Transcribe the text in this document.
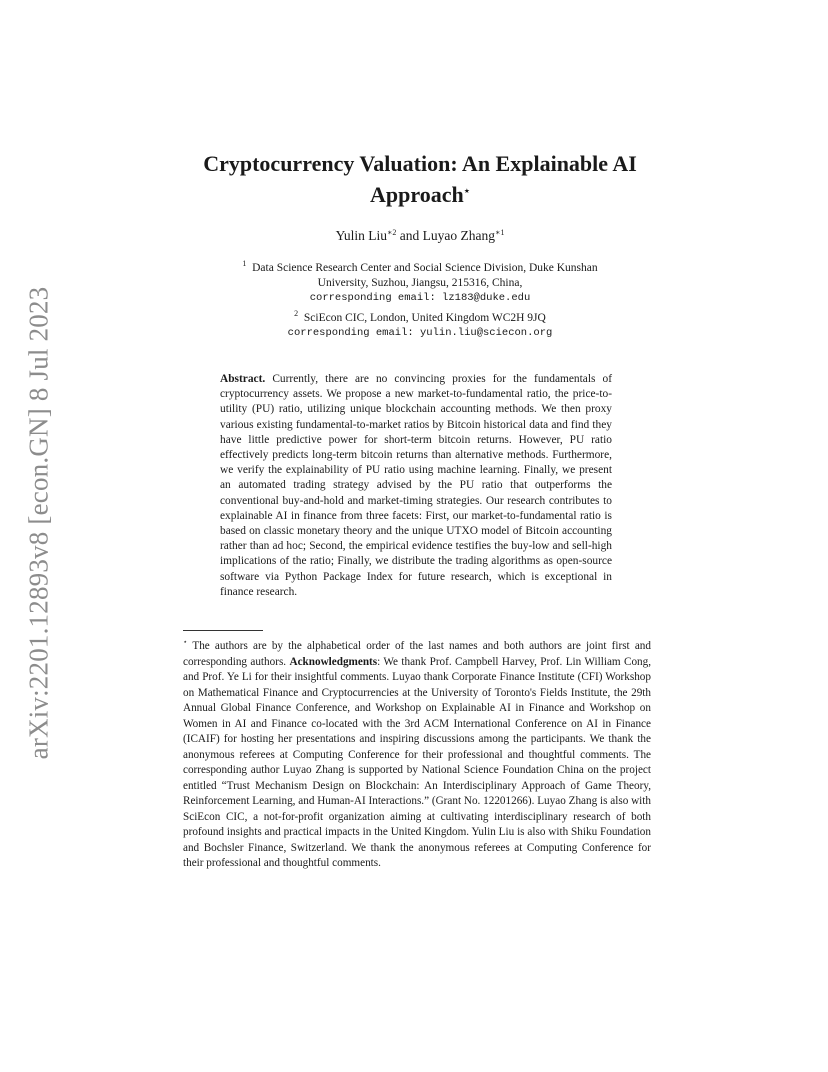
arXiv:2201.12893v8 [econ.GN] 8 Jul 2023
Cryptocurrency Valuation: An Explainable AI
Approach⋆
Yulin Liu$^{∗2}$ and Luyao Zhang$^{∗1}$
$^1$ Data Science Research Center and Social Science Division, Duke Kunshan
University, Suzhou, Jiangsu, 215316, China,
corresponding email: lz183@duke.edu
$^2$ SciEcon CIC, London, United Kingdom WC2H 9JQ
corresponding email: yulin.liu@sciecon.org
Abstract. Currently, there are no convincing proxies for the fundamentals of cryptocurrency assets. We propose a new market-to-fundamental ratio, the price-to-utility (PU) ratio, utilizing unique blockchain accounting methods. We then proxy various existing fundamental-to-market ratios by Bitcoin historical data and find they have little predictive power for short-term bitcoin returns. However, PU ratio effectively predicts long-term bitcoin returns than alternative methods. Furthermore, we verify the explainability of PU ratio using machine learning. Finally, we present an automated trading strategy advised by the PU ratio that outperforms the conventional buy-and-hold and market-timing strategies. Our research contributes to explainable AI in finance from three facets: First, our market-to-fundamental ratio is based on classic monetary theory and the unique UTXO model of Bitcoin accounting rather than ad hoc; Second, the empirical evidence testifies the buy-low and sell-high implications of the ratio; Finally, we distribute the trading algorithms as open-source software via Python Package Index for future research, which is exceptional in finance research.
⋆ The authors are by the alphabetical order of the last names and both authors are joint first and corresponding authors. Acknowledgments: We thank Prof. Campbell Harvey, Prof. Lin William Cong, and Prof. Ye Li for their insightful comments. Luyao thank Corporate Finance Institute (CFI) Workshop on Mathematical Finance and Cryptocurrencies at the University of Toronto's Fields Institute, the 29th Annual Global Finance Conference, and Workshop on Explainable AI in Finance and Workshop on Women in AI and Finance co-located with the 3rd ACM International Conference on AI in Finance (ICAIF) for hosting her presentations and inspiring discussions among the participants. We thank the anonymous referees at Computing Conference for their professional and thoughtful comments. The corresponding author Luyao Zhang is supported by National Science Foundation China on the project entitled “Trust Mechanism Design on Blockchain: An Interdisciplinary Approach of Game Theory, Reinforcement Learning, and Human-AI Interactions.” (Grant No. 12201266). Luyao Zhang is also with SciEcon CIC, a not-for-profit organization aiming at cultivating interdisciplinary research of both profound insights and practical impacts in the United Kingdom. Yulin Liu is also with Shiku Foundation and Bochsler Finance, Switzerland. We thank the anonymous referees at Computing Conference for their professional and thoughtful comments.
